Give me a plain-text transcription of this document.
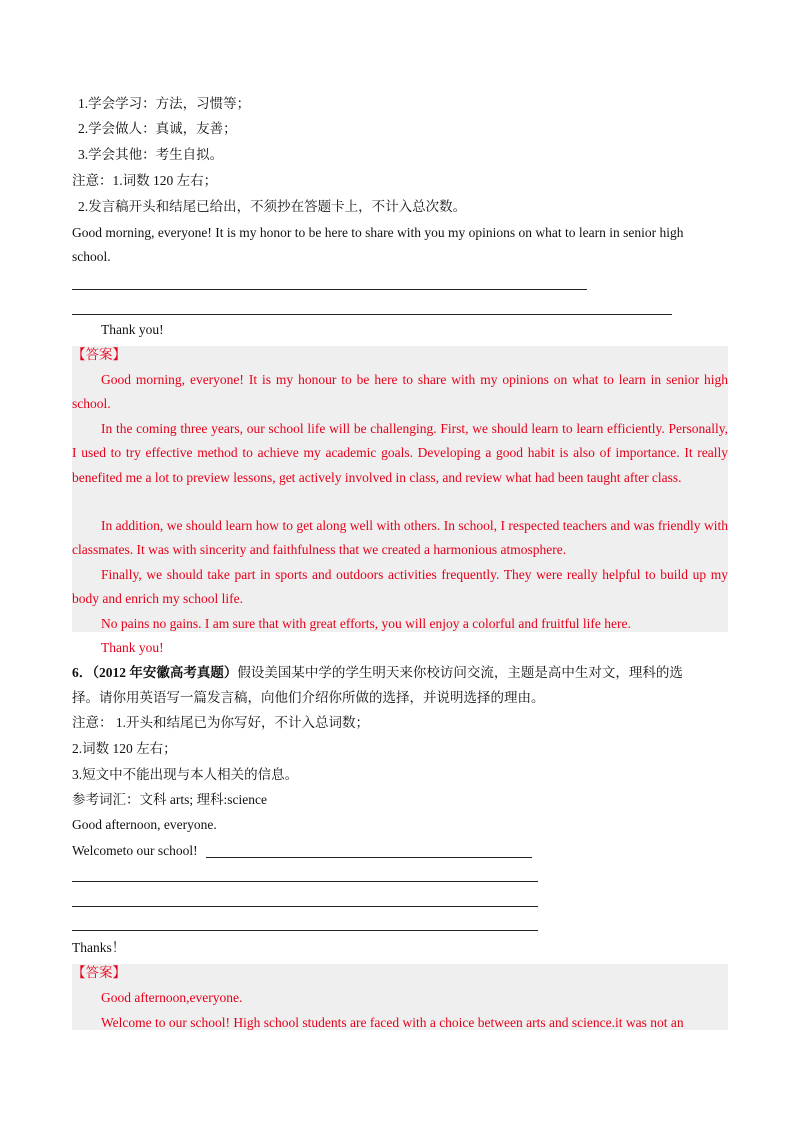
1.学会学习：方法，习惯等；
2.学会做人：真诚，友善；
3.学会其他：考生自拟。
注意：1.词数 120 左右；
2.发言稿开头和结尾已给出，不须抄在答题卡上，不计入总次数。
Good morning, everyone! It is my honor to be here to share with you my opinions on what to learn in senior high
school.
Thank you!
【答案】
Good morning, everyone! It is my honour to be here to share with my opinions on what to learn in senior high school.
In the coming three years, our school life will be challenging. First, we should learn to learn efficiently. Personally, I used to try effective method to achieve my academic goals. Developing a good habit is also of importance. It really benefited me a lot to preview lessons, get actively involved in class, and review what had been taught after class.
In addition, we should learn how to get along well with others. In school, I respected teachers and was friendly with classmates. It was with sincerity and faithfulness that we created a harmonious atmosphere.
Finally, we should take part in sports and outdoors activities frequently. They were really helpful to build up my body and enrich my school life.
No pains no gains. I am sure that with great efforts, you will enjoy a colorful and fruitful life here.
Thank you!
6．（2012 年安徽高考真题）假设美国某中学的学生明天来你校访问交流，主题是高中生对文，理科的选
择。请你用英语写一篇发言稿，向他们介绍你所做的选择，并说明选择的理由。
注意： 1.开头和结尾已为你写好，不计入总词数；
2.词数 120 左右；
3.短文中不能出现与本人相关的信息。
参考词汇：文科 arts; 理科:science
Good afternoon, everyone.
Welcometo our school!
Thanks！
【答案】
Good afternoon,everyone.
Welcome to our school! High school students are faced with a choice between arts and science.it was not an
